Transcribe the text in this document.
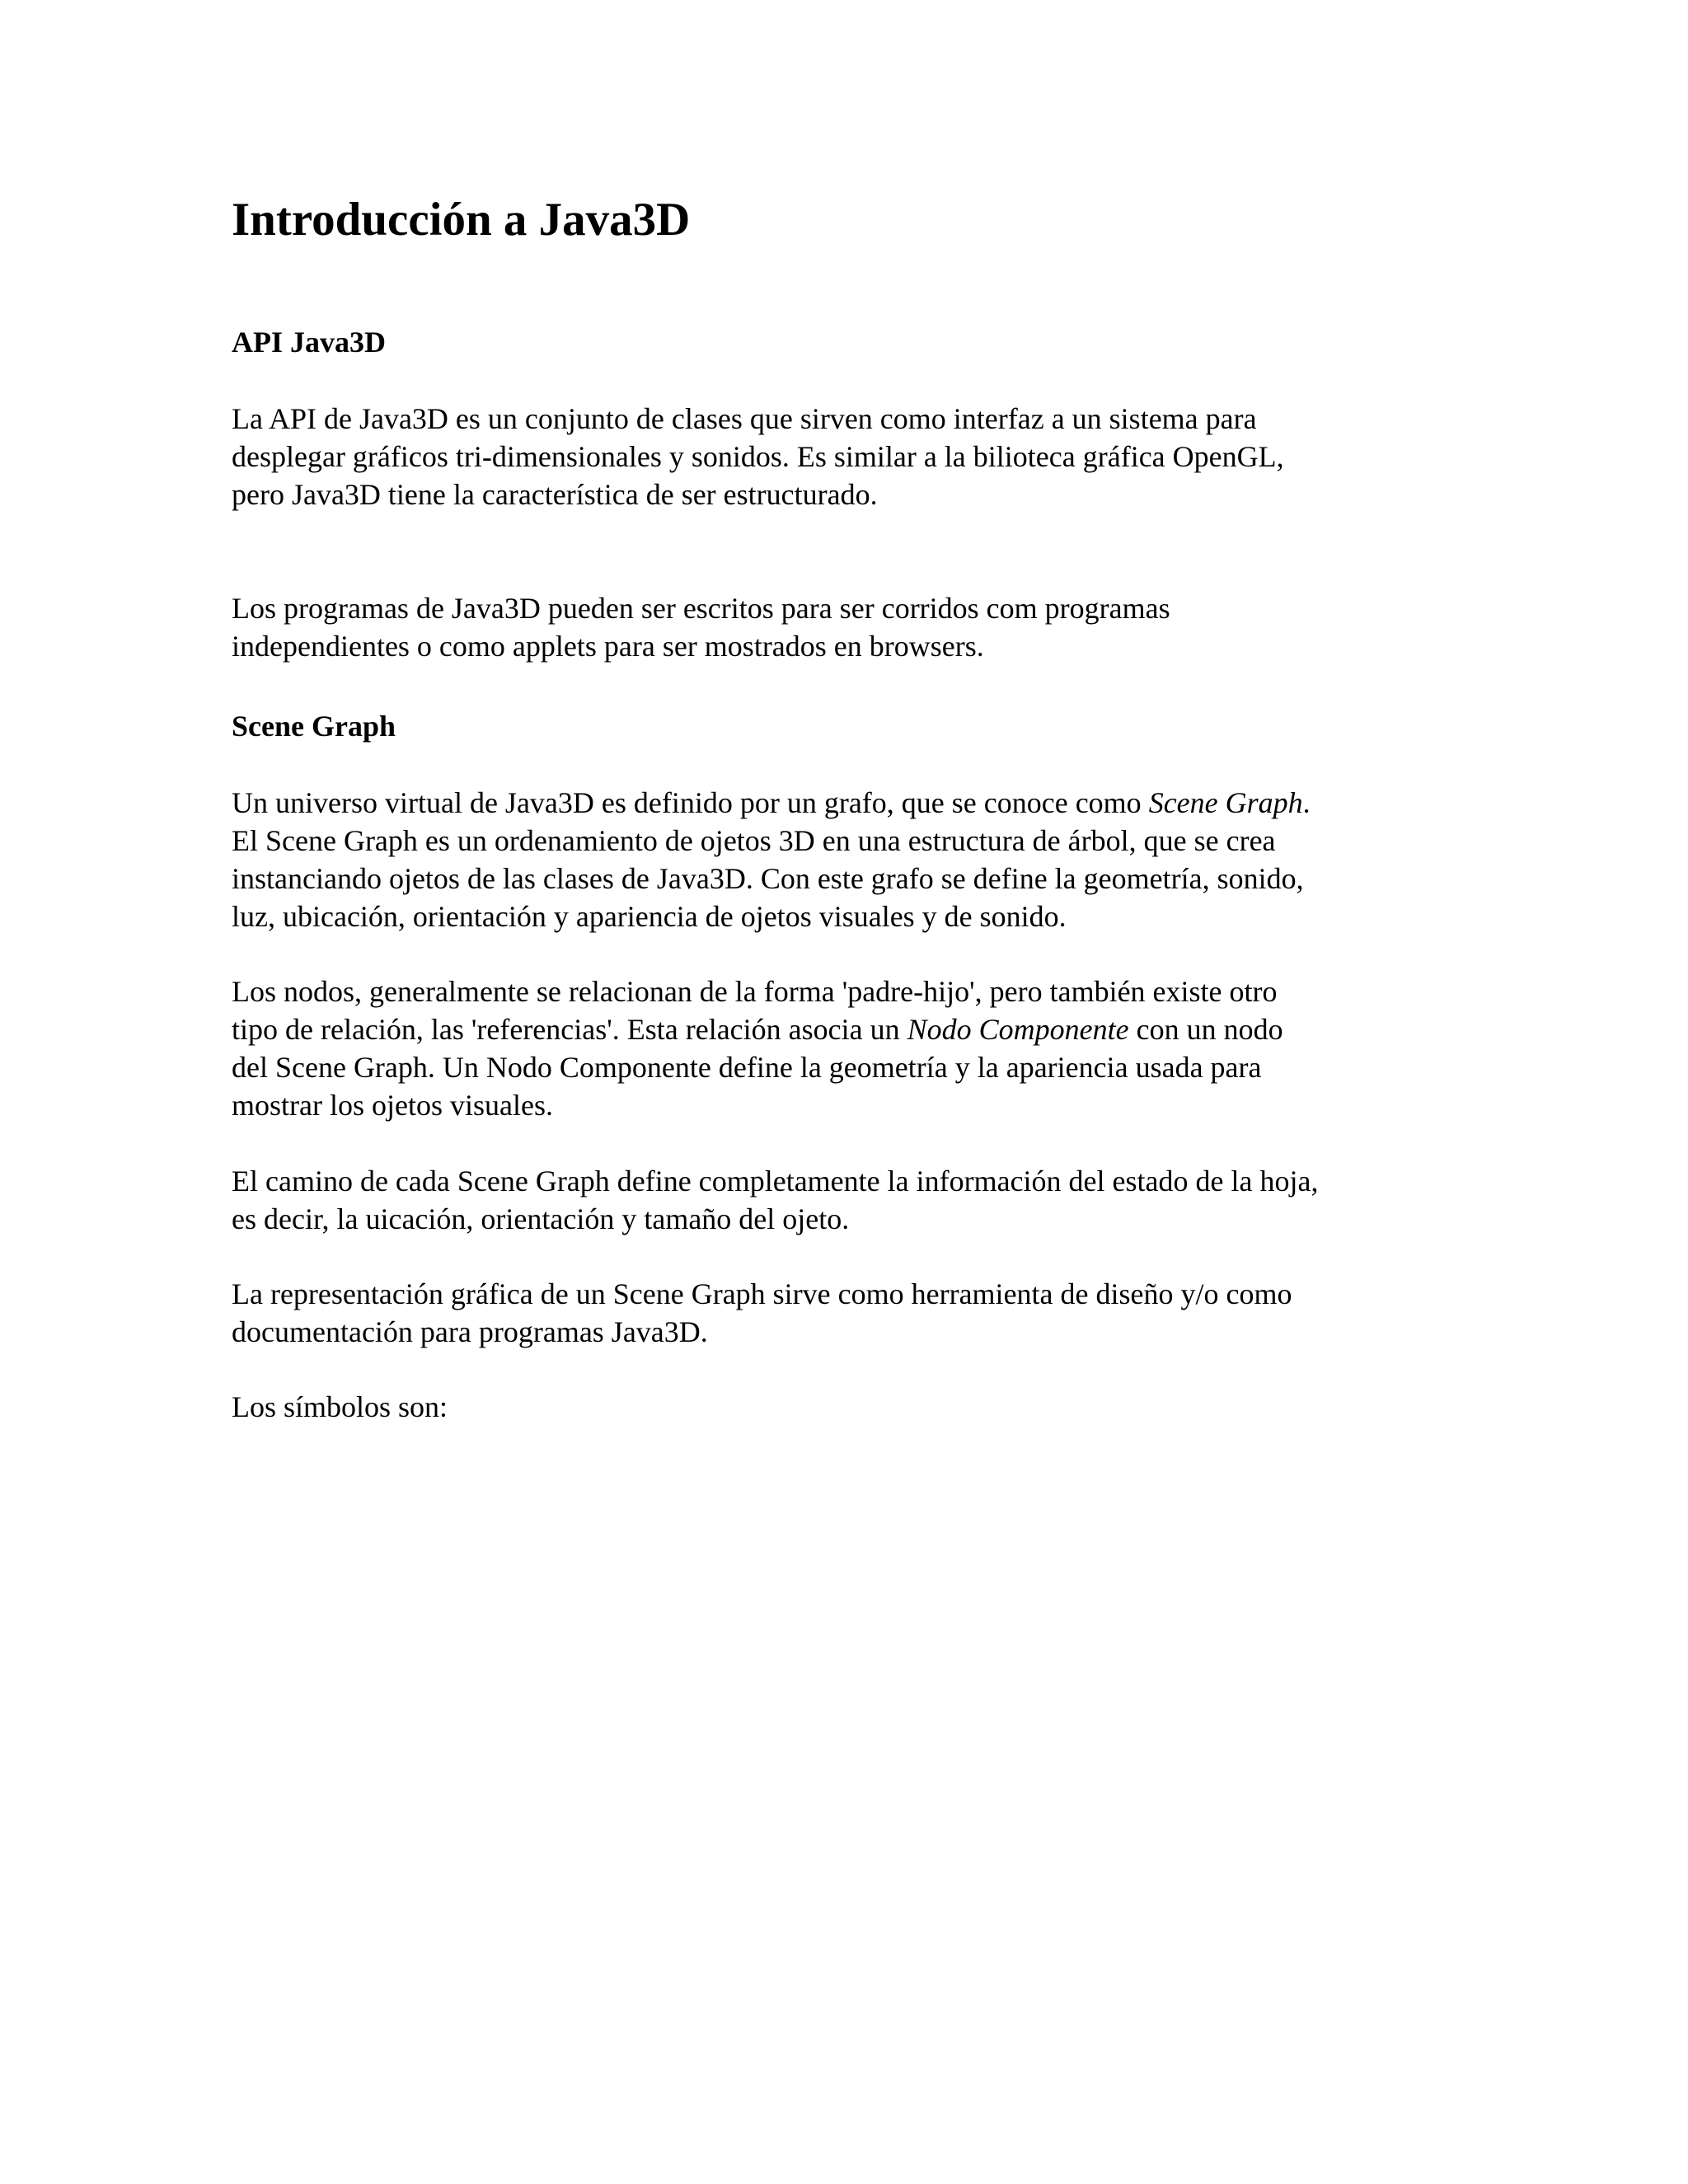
Introducción a Java3D
API Java3D

La API de Java3D es un conjunto de clases que sirven como interfaz a un sistema para
desplegar gráficos tri-dimensionales y sonidos. Es similar a la bilioteca gráfica OpenGL,
pero Java3D tiene la característica de ser estructurado.

Los programas de Java3D pueden ser escritos para ser corridos com programas
independientes o como applets para ser mostrados en browsers.

Scene Graph

Un universo virtual de Java3D es definido por un grafo, que se conoce como Scene Graph.
El Scene Graph es un ordenamiento de ojetos 3D en una estructura de árbol, que se crea
instanciando ojetos de las clases de Java3D. Con este grafo se define la geometría, sonido,
luz, ubicación, orientación y apariencia de ojetos visuales y de sonido.

Los nodos, generalmente se relacionan de la forma 'padre-hijo', pero también existe otro
tipo de relación, las 'referencias'. Esta relación asocia un Nodo Componente con un nodo
del Scene Graph. Un Nodo Componente define la geometría y la apariencia usada para
mostrar los ojetos visuales.

El camino de cada Scene Graph define completamente la información del estado de la hoja,
es decir, la uicación, orientación y tamaño del ojeto.

La representación gráfica de un Scene Graph sirve como herramienta de diseño y/o como
documentación para programas Java3D.

Los símbolos son:
